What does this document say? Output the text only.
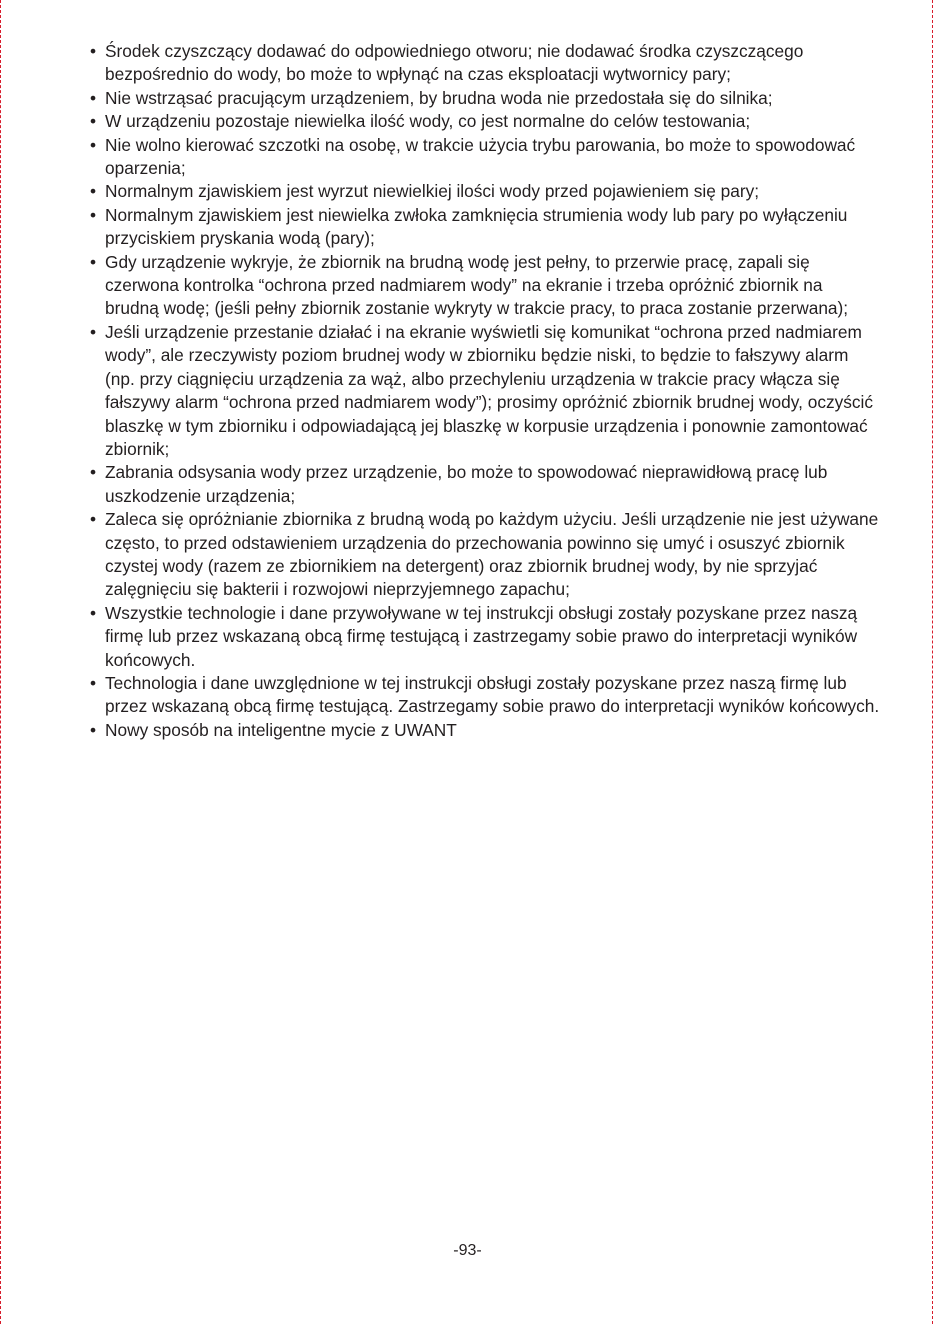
• Środek czyszczący dodawać do odpowiedniego otworu; nie dodawać środka czyszczącego bezpośrednio do wody, bo może to wpłynąć na czas eksploatacji wytwornicy pary;
• Nie wstrząsać pracującym urządzeniem, by brudna woda nie przedostała się do silnika;
• W urządzeniu pozostaje niewielka ilość wody, co jest normalne do celów testowania;
• Nie wolno kierować szczotki na osobę, w trakcie użycia trybu parowania, bo może to spowodować oparzenia;
• Normalnym zjawiskiem jest wyrzut niewielkiej ilości wody przed pojawieniem się pary;
• Normalnym zjawiskiem jest niewielka zwłoka zamknięcia strumienia wody lub pary po wyłączeniu przyciskiem pryskania wodą (pary);
• Gdy urządzenie wykryje, że zbiornik na brudną wodę jest pełny, to przerwie pracę, zapali się czerwona kontrolka “ochrona przed nadmiarem wody” na ekranie i trzeba opróżnić zbiornik na brudną wodę; (jeśli pełny zbiornik zostanie wykryty w trakcie pracy, to praca zostanie przerwana);
• Jeśli urządzenie przestanie działać i na ekranie wyświetli się komunikat “ochrona przed nadmiarem wody”, ale rzeczywisty poziom brudnej wody w zbiorniku będzie niski, to będzie to fałszywy alarm (np. przy ciągnięciu urządzenia za wąż, albo przechyleniu urządzenia w trakcie pracy włącza się fałszywy alarm “ochrona przed nadmiarem wody”); prosimy opróżnić zbiornik brudnej wody, oczyścić blaszkę w tym zbiorniku i odpowiadającą jej blaszkę w korpusie urządzenia i ponownie zamontować zbiornik;
• Zabrania odsysania wody przez urządzenie, bo może to spowodować nieprawidłową pracę lub uszkodzenie urządzenia;
• Zaleca się opróżnianie zbiornika z brudną wodą po każdym użyciu. Jeśli urządzenie nie jest używane często, to przed odstawieniem urządzenia do przechowania powinno się umyć i osuszyć zbiornik czystej wody (razem ze zbiornikiem na detergent) oraz zbiornik brudnej wody, by nie sprzyjać zalęgnięciu się bakterii i rozwojowi nieprzyjemnego zapachu;
• Wszystkie technologie i dane przywoływane w tej instrukcji obsługi zostały pozyskane przez naszą firmę lub przez wskazaną obcą firmę testującą i zastrzegamy sobie prawo do interpretacji wyników końcowych.
• Technologia i dane uwzględnione w tej instrukcji obsługi zostały pozyskane przez naszą firmę lub przez wskazaną obcą firmę testującą. Zastrzegamy sobie prawo do interpretacji wyników końcowych.
• Nowy sposób na inteligentne mycie z UWANT
-93-
